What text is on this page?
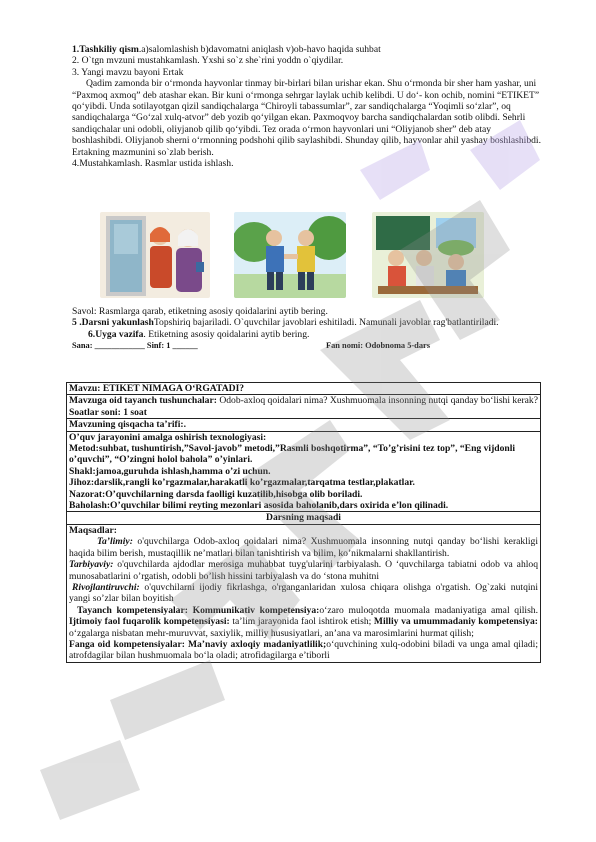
1.Tashkiliy qism.a)salomlashish b)davomatni aniqlash v)ob-havo haqida suhbat

2. O`tgn mvzuni mustahkamlash. Yxshi so`z she`rini yoddn o`qiydilar.

3. Yangi mavzu bayoni Ertak

Qadim zamonda bir o‘rmonda hayvonlar tinmay bir-birlari bilan urishar ekan. Shu o‘rmonda bir sher ham yashar, uni “Paxmoq axmoq” deb atashar ekan. Bir kuni o‘rmonga sehrgar laylak uchib kelibdi. U do‘- kon ochib, nomini “ETIKET” qo‘yibdi. Unda sotilayotgan qizil sandiqchalarga “Chiroyli tabassumlar”, zar sandiqchalarga “Yoqimli so‘zlar”, oq sandiqchalarga “Go‘zal xulq-atvor” deb yozib qo‘yilgan ekan. Paxmoqvoy barcha sandiqchalardan sotib olibdi. Sehrli sandiqchalar uni odobli, oliyjanob qilib qo‘yibdi. Tez orada o‘rmon hayvonlari uni “Oliyjanob sher” deb atay boshlashibdi. Oliyjanob sherni o‘rmonning podshohi qilib saylashibdi. Shunday qilib, hayvonlar ahil yashay boshlashibdi. Ertakning mazmunini so`zlab berish.

4.Mustahkamlash. Rasmlar ustida ishlash.

Savol: Rasmlarga qarab, etiketning asosiy qoidalarini aytib bering.

5 .Darsni yakunlashTopshiriq bajariladi. O`quvchilar javoblari eshitiladi. Namunali javoblar rag'batlantiriladi.

6.Uyga vazifa. Etiketning asosiy qoidalarini aytib bering.

Sana: ____________ Sinf: 1 ______	Fan nomi: Odobnoma 5-dars

Mavzu: ETIKET NIMAGA O‘RGATADI?
Mavzuga oid tayanch tushunchalar: Odob-axloq qoidalari nima? Xushmuomala insonning nutqi qanday bo‘lishi kerak?
Soatlar soni: 1 soat
Mavzuning qisqacha ta’rifi:.

O’quv jarayonini amalga oshirish texnologiyasi:
Metod:suhbat, tushuntirish,”Savol-javob” metodi,”Rasmli boshqotirma”, “To’g’risini tez top”, “Eng vijdonli o’quvchi”, “O’zingni holol bahola” o’yinlari.
Shakl:jamoa,guruhda ishlash,hamma o’zi uchun.
Jihoz:darslik,rangli ko’rgazmalar,harakatli ko’rgazmalar,tarqatma testlar,plakatlar.
Nazorat:O’quvchilarning darsda faolligi kuzatilib,hisobga olib boriladi.
Baholash:O’quvchilar bilimi reyting mezonlari asosida baholanib,dars oxirida e’lon qilinadi.

Darsning maqsadi

Maqsadlar:
Ta’limiy: o'quvchilarga Odob-axloq qoidalari nima? Xushmuomala insonning nutqi qanday bo‘lishi kerakligi haqida bilim berish, mustaqillik ne’matlari bilan tanishtirish va bilim, ko’nikmalarni shakllantirish.
Tarbiyaviy: o'quvchilarda ajdodlar merosiga muhabbat tuyg'ularini tarbiyalash. O ‘quvchilarga tabiatni odob va ahloq munosabatlarini o’rgatish, odobli bo’lish hissini tarbiyalash va do ‘stona muhitni
Rivojlantiruvchi: o'quvchilarni ijodiy fikrlashga, o'rganganlaridan xulosa chiqara olishga o'rgatish. Og`zaki nutqini yangi so’zlar bilan boyitish
Tayanch kompetensiyalar: Kommunikativ kompetensiya:o‘zaro muloqotda muomala madaniyatiga amal qilish. Ijtimoiy faol fuqarolik kompetensiyasi: ta’lim jarayonida faol ishtirok etish; Milliy va umummadaniy kompetensiya: o‘zgalarga nisbatan mehr-muruvvat, saxiylik, milliy hususiyatlari, an’ana va marosimlarini hurmat qilish;
Fanga oid kompetensiyalar: Ma’naviy axloqiy madaniyatlilik;o‘quvchining xulq-odobini biladi va unga amal qiladi; atrofdagilar bilan hushmuomala bo‘la oladi; atrofidagilarga e’tiborli
